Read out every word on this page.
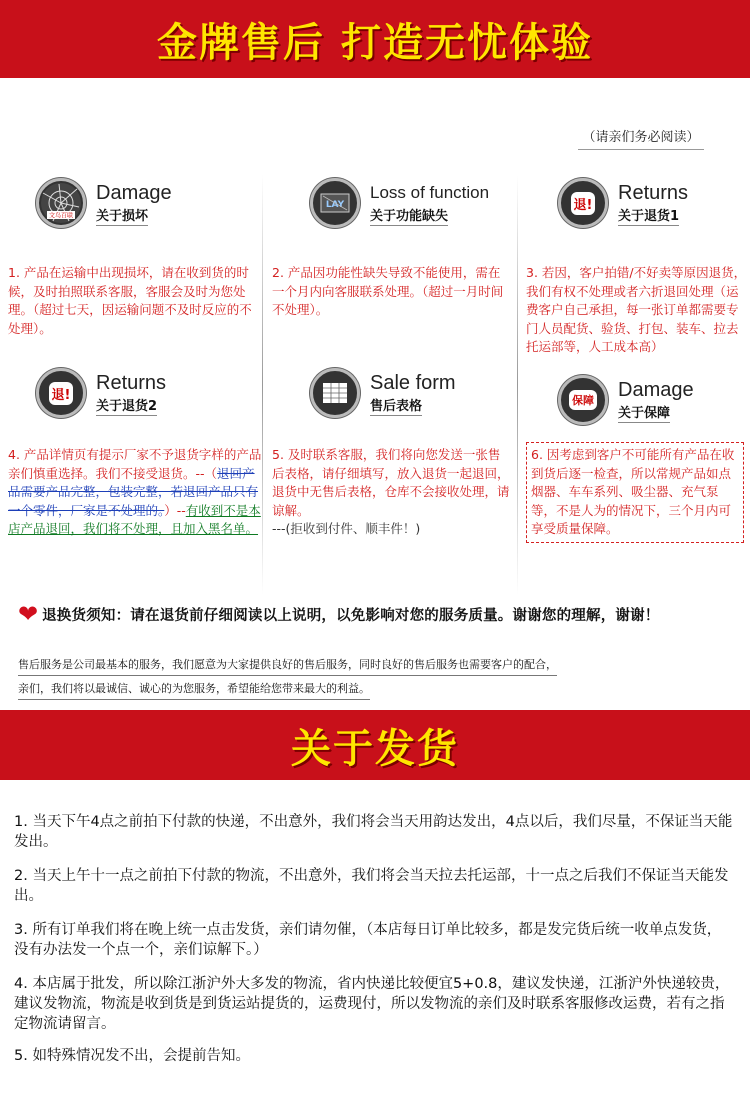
金牌售后 打造无忧体验
（请亲们务必阅读）
文鸟百联
Damage
关于损坏
1. 产品在运输中出现损坏，请在收到货的时候，及时拍照联系客服，客服会及时为您处理。（超过七天，因运输问题不及时反应的不处理）。
LAY
Loss of function
关于功能缺失
2. 产品因功能性缺失导致不能使用，需在一个月内向客服联系处理。（超过一月时间不处理）。
退!
Returns
关于退货1
3. 若因，客户拍错/不好卖等原因退货，我们有权不处理或者六折退回处理（运费客户自己承担，每一张订单都需要专门人员配货、验货、打包、装车、拉去托运部等，人工成本高）
退!
Returns
关于退货2
4. 产品详情页有提示厂家不予退货字样的产品亲们慎重选择。我们不接受退货。--（退回产品需要产品完整，包装完整，若退回产品只有一个零件，厂家是不处理的。）--有收到不是本店产品退回，我们将不处理，且加入黑名单。
Sale form
售后表格
5. 及时联系客服，我们将向您发送一张售后表格，请仔细填写，放入退货一起退回，退货中无售后表格，仓库不会接收处理，请谅解。
---(拒收到付件、顺丰件！)
保障 Damage
关于保障
6. 因考虑到客户不可能所有产品在收到货后逐一检查，所以常规产品如点烟器、车车系列、吸尘器、充气泵等，不是人为的情况下，三个月内可享受质量保障。
❤ 退换货须知：请在退货前仔细阅读以上说明，以免影响对您的服务质量。谢谢您的理解，谢谢！
售后服务是公司最基本的服务，我们愿意为大家提供良好的售后服务，同时良好的售后服务也需要客户的配合，
亲们，我们将以最诚信、诚心的为您服务，希望能给您带来最大的利益。
关于发货
1. 当天下午4点之前拍下付款的快递，不出意外，我们将会当天用韵达发出，4点以后，我们尽量，不保证当天能发出。
2. 当天上午十一点之前拍下付款的物流，不出意外，我们将会当天拉去托运部，十一点之后我们不保证当天能发出。
3. 所有订单我们将在晚上统一点击发货，亲们请勿催，（本店每日订单比较多，都是发完货后统一收单点发货，没有办法发一个点一个，亲们谅解下。）
4. 本店属于批发，所以除江浙沪外大多发的物流，省内快递比较便宜5+0.8，建议发快递，江浙沪外快递较贵，建议发物流，物流是收到货是到货运站提货的，运费现付，所以发物流的亲们及时联系客服修改运费，若有之指定物流请留言。
5. 如特殊情况发不出，会提前告知。
